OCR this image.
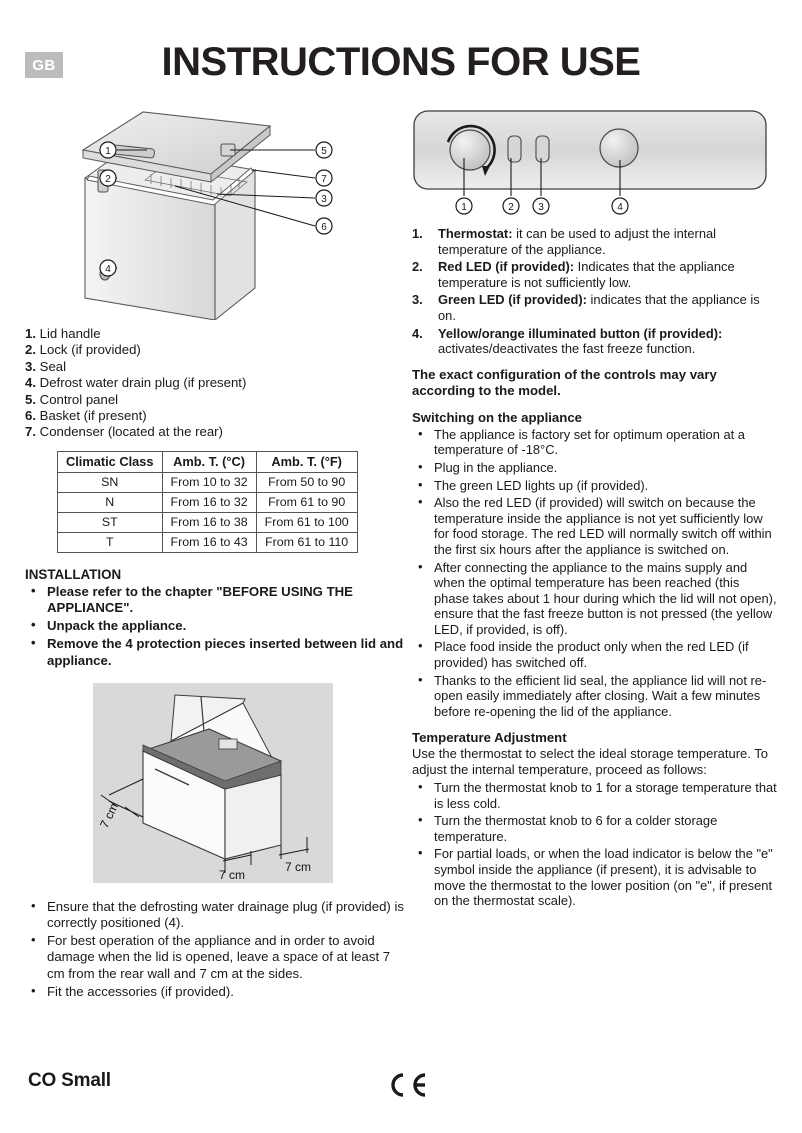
GB	INSTRUCTIONS FOR USE
1
2
4
5
7
3
6
1. Lid handle
2. Lock (if provided)
3. Seal
4. Defrost water drain plug (if present)
5. Control panel
6. Basket (if present)
7. Condenser (located at the rear)
Climatic Class	Amb. T. (°C)	Amb. T. (°F)
SN	From 10 to 32	From 50 to 90
N	From 16 to 32	From 61 to 90
ST	From 16 to 38	From 61 to 100
T	From 16 to 43	From 61 to 110
INSTALLATION
• Please refer to the chapter "BEFORE USING THE APPLIANCE".
• Unpack the appliance.
• Remove the 4 protection pieces inserted between lid and appliance.
7 cm
7 cm
7 cm
• Ensure that the defrosting water drainage plug (if provided) is correctly positioned (4).
• For best operation of the appliance and in order to avoid damage when the lid is opened, leave a space of at least 7 cm from the rear wall and 7 cm at the sides.
• Fit the accessories (if provided).
1	2 3	4
1. Thermostat: it can be used to adjust the internal temperature of the appliance.
2. Red LED (if provided): Indicates that the appliance temperature is not sufficiently low.
3. Green LED (if provided): indicates that the appliance is on.
4. Yellow/orange illuminated button (if provided): activates/deactivates the fast freeze function.
The exact configuration of the controls may vary according to the model.
Switching on the appliance
• The appliance is factory set for optimum operation at a temperature of -18°C.
• Plug in the appliance.
• The green LED lights up (if provided).
• Also the red LED (if provided) will switch on because the temperature inside the appliance is not yet sufficiently low for food storage. The red LED will normally switch off within the first six hours after the appliance is switched on.
• After connecting the appliance to the mains supply and when the optimal temperature has been reached (this phase takes about 1 hour during which the lid will not open), ensure that the fast freeze button is not pressed (the yellow LED, if provided, is off).
• Place food inside the product only when the red LED (if provided) has switched off.
• Thanks to the efficient lid seal, the appliance lid will not re-open easily immediately after closing. Wait a few minutes before re-opening the lid of the appliance.
Temperature Adjustment
Use the thermostat to select the ideal storage temperature. To adjust the internal temperature, proceed as follows:
• Turn the thermostat knob to 1 for a storage temperature that is less cold.
• Turn the thermostat knob to 6 for a colder storage temperature.
• For partial loads, or when the load indicator is below the "e" symbol inside the appliance (if present), it is advisable to move the thermostat to the lower position (on "e", if present on the thermostat scale).
CO Small
